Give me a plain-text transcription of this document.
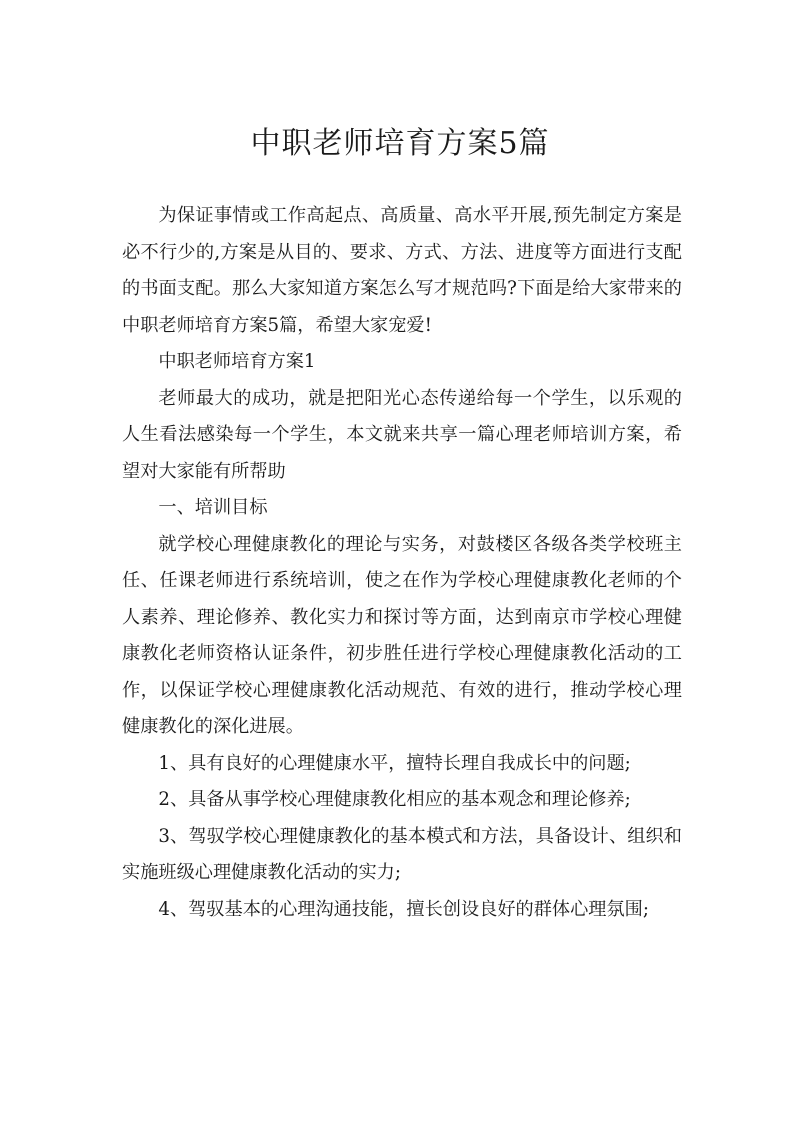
中职老师培育方案5篇

为保证事情或工作高起点、高质量、高水平开展,预先制定方案是必不行少的,方案是从目的、要求、方式、方法、进度等方面进行支配的书面支配。那么大家知道方案怎么写才规范吗?下面是给大家带来的中职老师培育方案5篇，希望大家宠爱!

中职老师培育方案1

老师最大的成功，就是把阳光心态传递给每一个学生，以乐观的人生看法感染每一个学生，本文就来共享一篇心理老师培训方案，希望对大家能有所帮助

一、培训目标

就学校心理健康教化的理论与实务，对鼓楼区各级各类学校班主任、任课老师进行系统培训，使之在作为学校心理健康教化老师的个人素养、理论修养、教化实力和探讨等方面，达到南京市学校心理健康教化老师资格认证条件，初步胜任进行学校心理健康教化活动的工作，以保证学校心理健康教化活动规范、有效的进行，推动学校心理健康教化的深化进展。

1、具有良好的心理健康水平，擅特长理自我成长中的问题;

2、具备从事学校心理健康教化相应的基本观念和理论修养;

3、驾驭学校心理健康教化的基本模式和方法，具备设计、组织和实施班级心理健康教化活动的实力;

4、驾驭基本的心理沟通技能，擅长创设良好的群体心理氛围;
